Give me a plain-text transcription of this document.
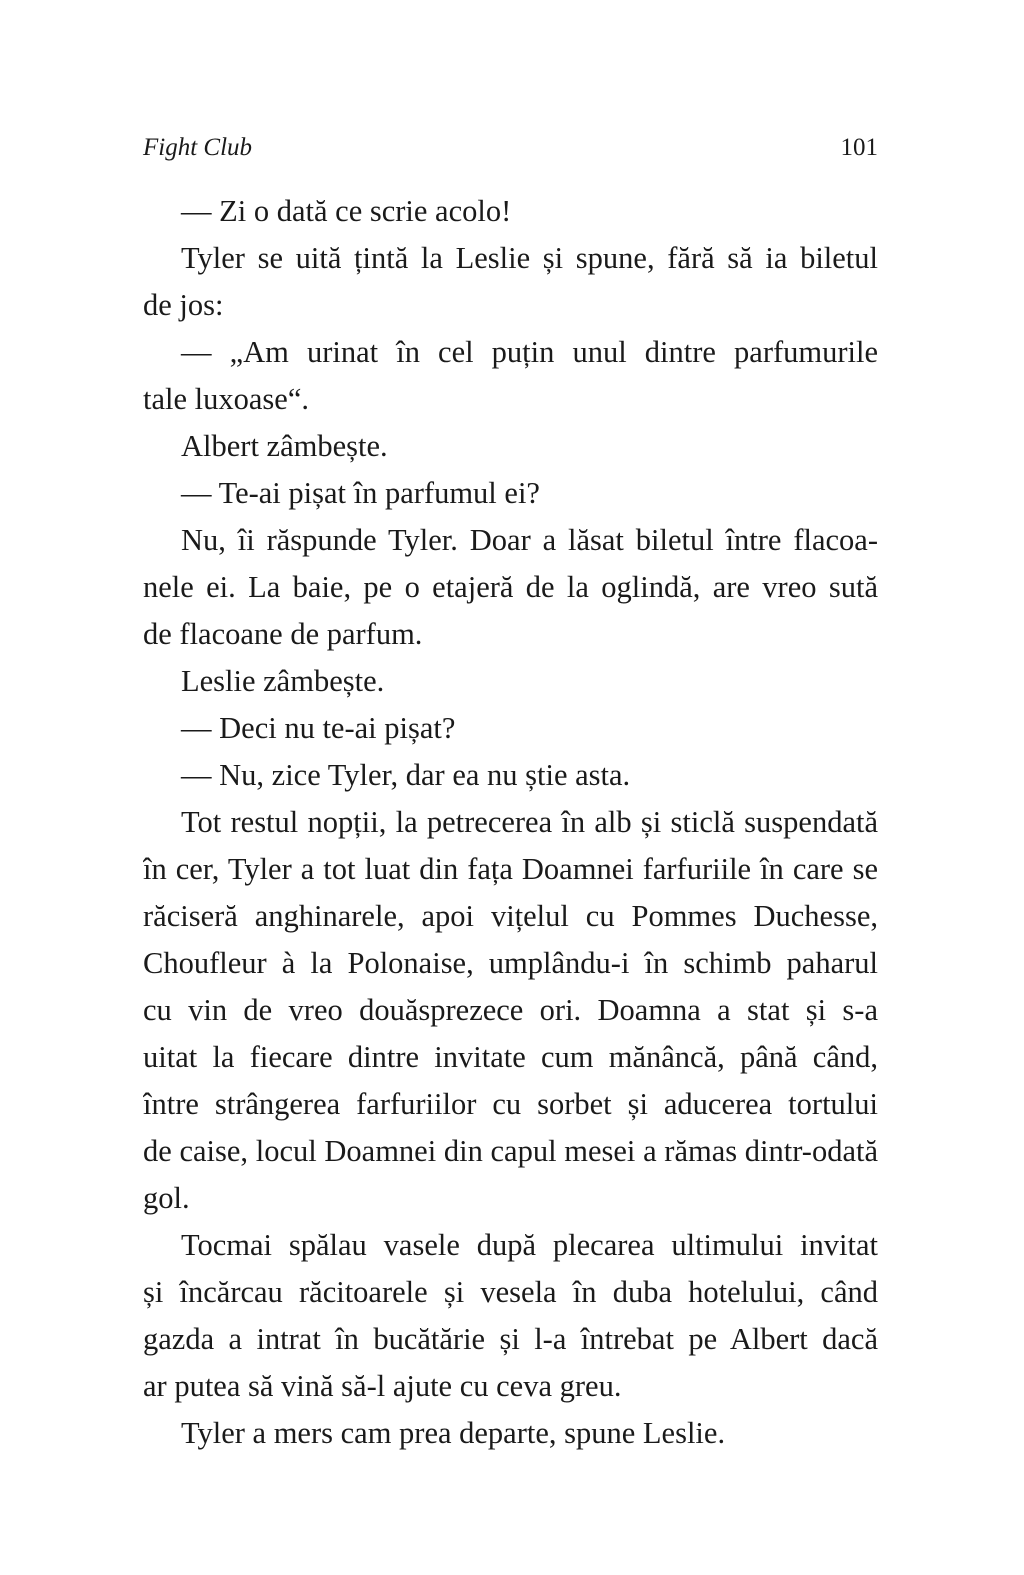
Fight Club	101
— Zi o dată ce scrie acolo!
Tyler se uită țintă la Leslie și spune, fără să ia biletul
de jos:
— „Am urinat în cel puțin unul dintre parfumurile
tale luxoase“.
Albert zâmbește.
— Te-ai pișat în parfumul ei?
Nu, îi răspunde Tyler. Doar a lăsat biletul între flacoa-
nele ei. La baie, pe o etajeră de la oglindă, are vreo sută
de flacoane de parfum.
Leslie zâmbește.
— Deci nu te-ai pișat?
— Nu, zice Tyler, dar ea nu știe asta.
Tot restul nopții, la petrecerea în alb și sticlă suspendată
în cer, Tyler a tot luat din fața Doamnei farfuriile în care se
răciseră anghinarele, apoi vițelul cu Pommes Duchesse,
Choufleur à la Polonaise, umplându-i în schimb paharul
cu vin de vreo douăsprezece ori. Doamna a stat și s-a
uitat la fiecare dintre invitate cum mănâncă, până când,
între strângerea farfuriilor cu sorbet și aducerea tortului
de caise, locul Doamnei din capul mesei a rămas dintr-odată
gol.
Tocmai spălau vasele după plecarea ultimului invitat
și încărcau răcitoarele și vesela în duba hotelului, când
gazda a intrat în bucătărie și l-a întrebat pe Albert dacă
ar putea să vină să-l ajute cu ceva greu.
Tyler a mers cam prea departe, spune Leslie.
